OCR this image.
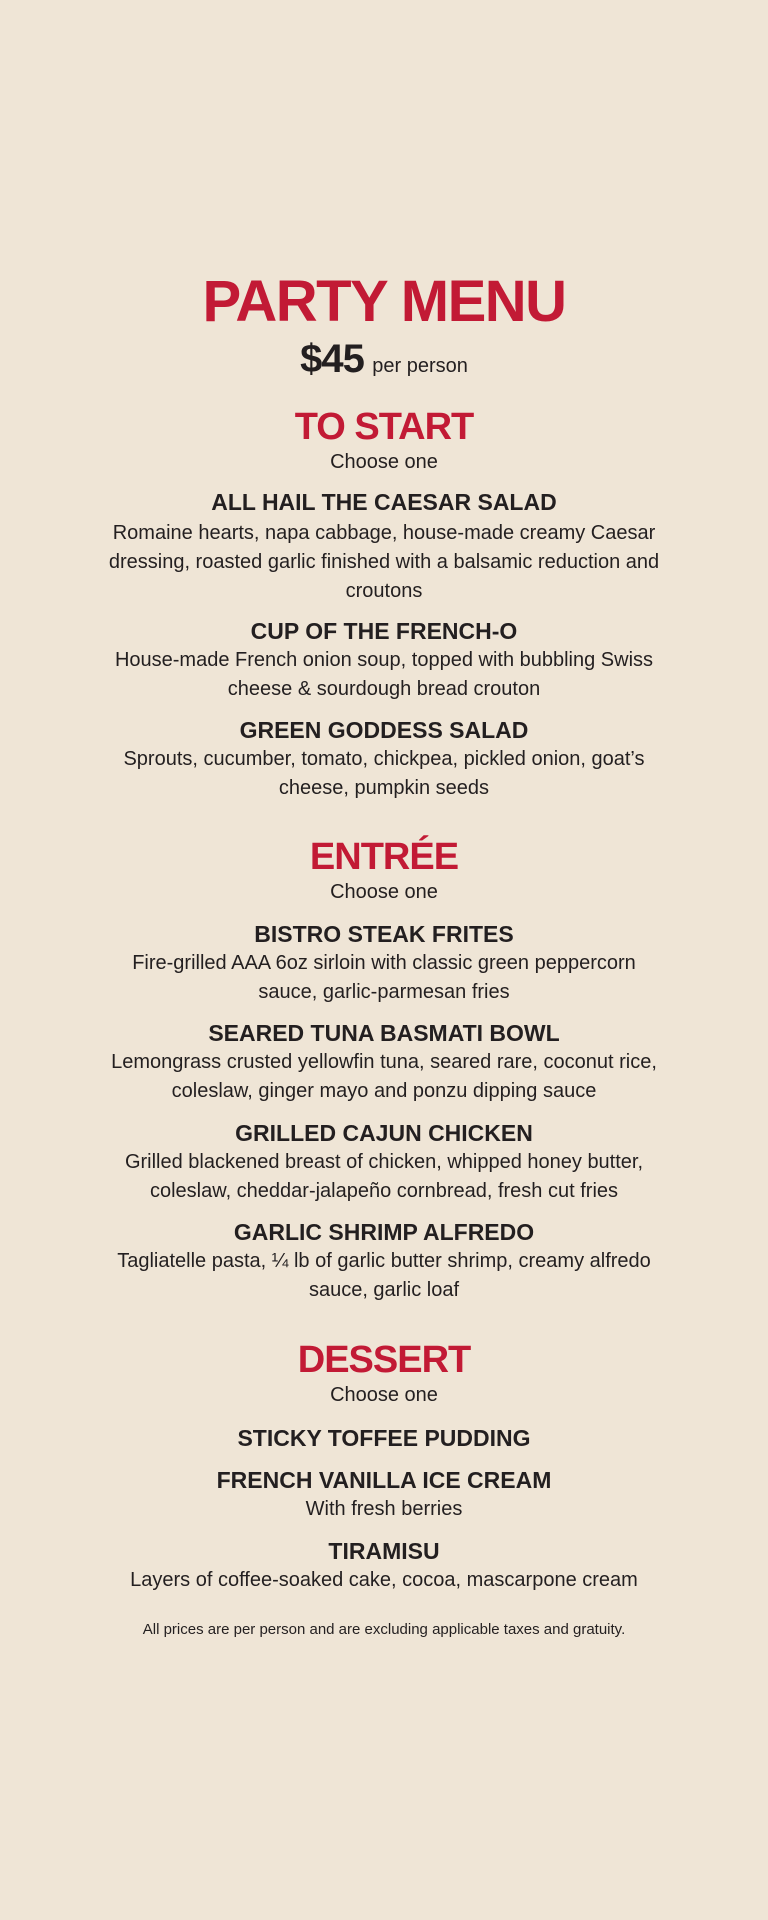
PARTY MENU
$45 per person
TO START
Choose one
ALL HAIL THE CAESAR SALAD
Romaine hearts, napa cabbage, house-made creamy Caesar dressing, roasted garlic finished with a balsamic reduction and croutons
CUP OF THE FRENCH-O
House-made French onion soup, topped with bubbling Swiss cheese & sourdough bread crouton
GREEN GODDESS SALAD
Sprouts, cucumber, tomato, chickpea, pickled onion, goat’s cheese, pumpkin seeds
ENTRÉE
Choose one
BISTRO STEAK FRITES
Fire-grilled AAA 6oz sirloin with classic green peppercorn sauce, garlic-parmesan fries
SEARED TUNA BASMATI BOWL
Lemongrass crusted yellowfin tuna, seared rare, coconut rice, coleslaw, ginger mayo and ponzu dipping sauce
GRILLED CAJUN CHICKEN
Grilled blackened breast of chicken, whipped honey butter, coleslaw, cheddar-jalapeño cornbread, fresh cut fries
GARLIC SHRIMP ALFREDO
Tagliatelle pasta, ¼ lb of garlic butter shrimp, creamy alfredo sauce, garlic loaf
DESSERT
Choose one
STICKY TOFFEE PUDDING
FRENCH VANILLA ICE CREAM
With fresh berries
TIRAMISU
Layers of coffee-soaked cake, cocoa, mascarpone cream
All prices are per person and are excluding applicable taxes and gratuity.
